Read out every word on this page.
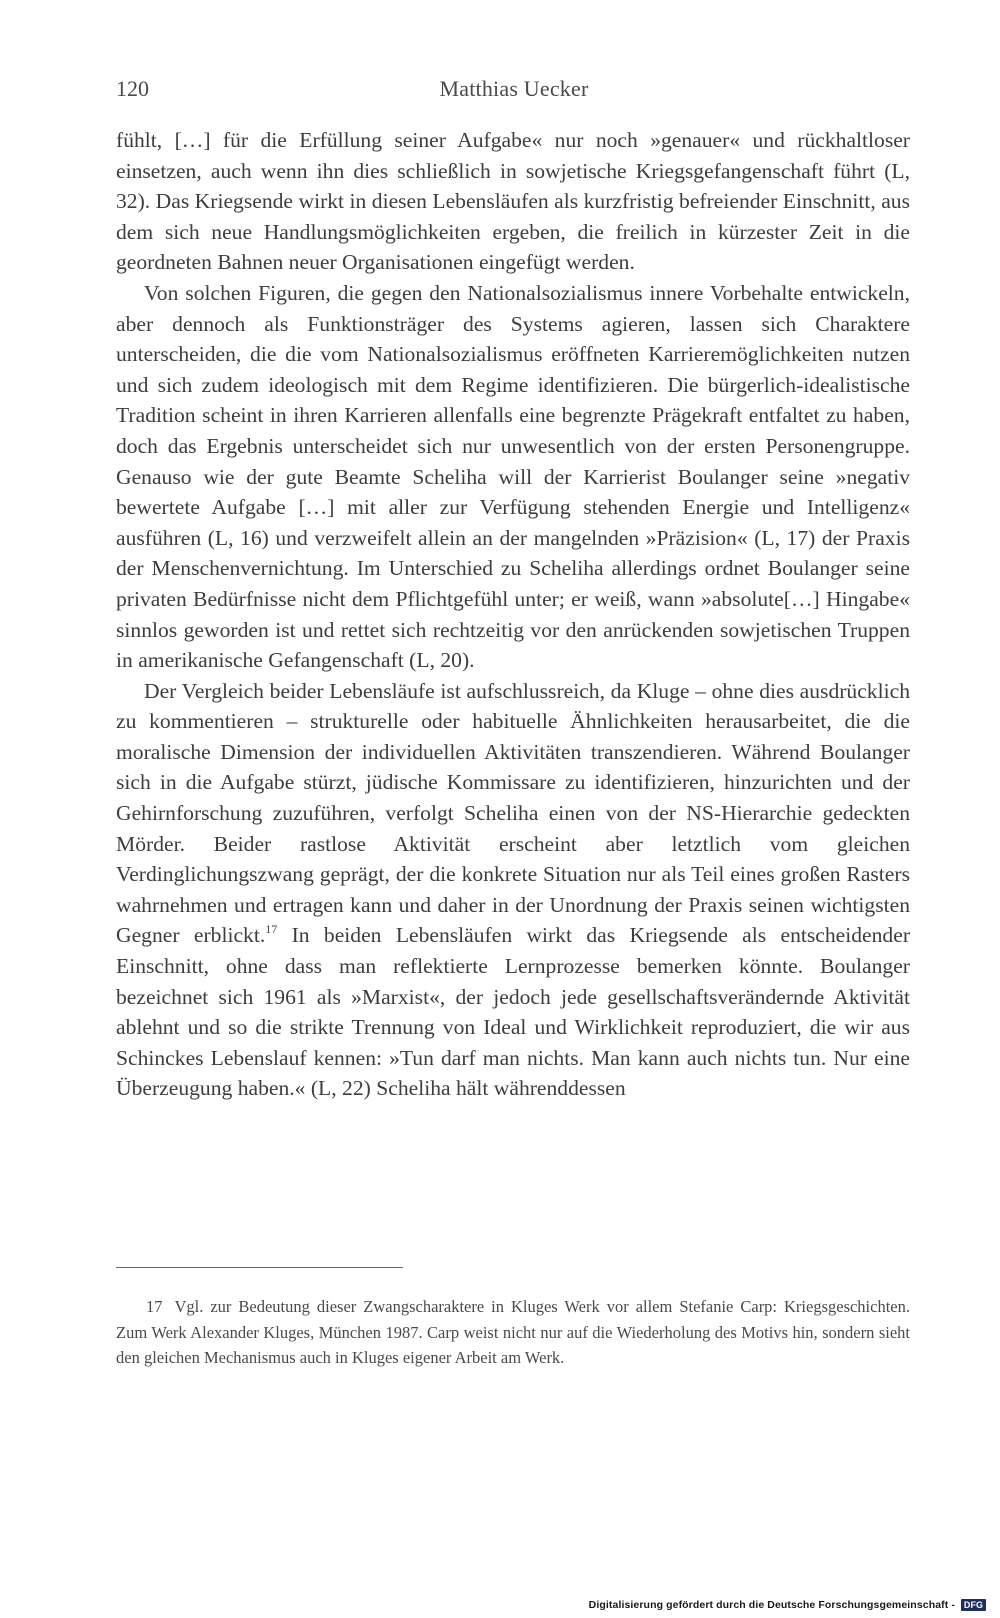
120	Matthias Uecker

fühlt, […] für die Erfüllung seiner Aufgabe« nur noch »genauer« und rückhaltloser einsetzen, auch wenn ihn dies schließlich in sowjetische Kriegsgefangenschaft führt (L, 32). Das Kriegsende wirkt in diesen Lebensläufen als kurzfristig befreiender Einschnitt, aus dem sich neue Handlungsmöglichkeiten ergeben, die freilich in kürzester Zeit in die geordneten Bahnen neuer Organisationen eingefügt werden.

Von solchen Figuren, die gegen den Nationalsozialismus innere Vorbehalte entwickeln, aber dennoch als Funktionsträger des Systems agieren, lassen sich Charaktere unterscheiden, die die vom Nationalsozialismus eröffneten Karrieremöglichkeiten nutzen und sich zudem ideologisch mit dem Regime identifizieren. Die bürgerlich-idealistische Tradition scheint in ihren Karrieren allenfalls eine begrenzte Prägekraft entfaltet zu haben, doch das Ergebnis unterscheidet sich nur unwesentlich von der ersten Personengruppe. Genauso wie der gute Beamte Scheliha will der Karrierist Boulanger seine »negativ bewertete Aufgabe […] mit aller zur Verfügung stehenden Energie und Intelligenz« ausführen (L, 16) und verzweifelt allein an der mangelnden »Präzision« (L, 17) der Praxis der Menschenvernichtung. Im Unterschied zu Scheliha allerdings ordnet Boulanger seine privaten Bedürfnisse nicht dem Pflichtgefühl unter; er weiß, wann »absolute[…] Hingabe« sinnlos geworden ist und rettet sich rechtzeitig vor den anrückenden sowjetischen Truppen in amerikanische Gefangenschaft (L, 20).

Der Vergleich beider Lebensläufe ist aufschlussreich, da Kluge – ohne dies ausdrücklich zu kommentieren – strukturelle oder habituelle Ähnlichkeiten herausarbeitet, die die moralische Dimension der individuellen Aktivitäten transzendieren. Während Boulanger sich in die Aufgabe stürzt, jüdische Kommissare zu identifizieren, hinzurichten und der Gehirnforschung zuzuführen, verfolgt Scheliha einen von der NS-Hierarchie gedeckten Mörder. Beider rastlose Aktivität erscheint aber letztlich vom gleichen Verdinglichungszwang geprägt, der die konkrete Situation nur als Teil eines großen Rasters wahrnehmen und ertragen kann und daher in der Unordnung der Praxis seinen wichtigsten Gegner erblickt.$^{17}$ In beiden Lebensläufen wirkt das Kriegsende als entscheidender Einschnitt, ohne dass man reflektierte Lernprozesse bemerken könnte. Boulanger bezeichnet sich 1961 als »Marxist«, der jedoch jede gesellschaftsverändernde Aktivität ablehnt und so die strikte Trennung von Ideal und Wirklichkeit reproduziert, die wir aus Schinckes Lebenslauf kennen: »Tun darf man nichts. Man kann auch nichts tun. Nur eine Überzeugung haben.« (L, 22) Scheliha hält währenddessen

17 Vgl. zur Bedeutung dieser Zwangscharaktere in Kluges Werk vor allem Stefanie Carp: Kriegsgeschichten. Zum Werk Alexander Kluges, München 1987. Carp weist nicht nur auf die Wiederholung des Motivs hin, sondern sieht den gleichen Mechanismus auch in Kluges eigener Arbeit am Werk.

Digitalisierung gefördert durch die Deutsche Forschungsgemeinschaft - DFG
